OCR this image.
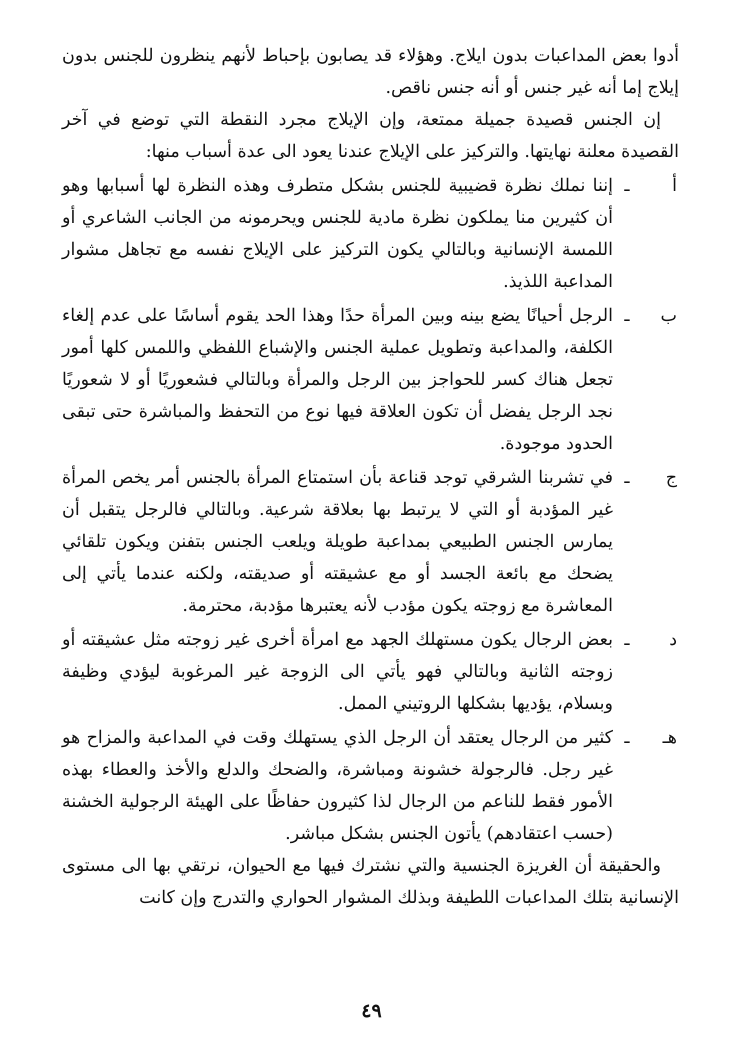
أدوا بعض المداعبات بدون ايلاج. وهؤلاء قد يصابون بإحباط لأنهم ينظرون للجنس بدون إيلاج إما أنه غير جنس أو أنه جنس ناقص.

إن الجنس قصيدة جميلة ممتعة، وإن الإيلاج مجرد النقطة التي توضع في آخر القصيدة معلنة نهايتها. والتركيز على الإيلاج عندنا يعود الى عدة أسباب منها:

أ
ـ

إننا نملك نظرة قضيبية للجنس بشكل متطرف وهذه النظرة لها أسبابها وهو أن كثيرين منا يملكون نظرة مادية للجنس ويحرمونه من الجانب الشاعري أو اللمسة الإنسانية وبالتالي يكون التركيز على الإيلاج نفسه مع تجاهل مشوار المداعبة اللذيذ.

ب
ـ

الرجل أحيانًا يضع بينه وبين المرأة حدًا وهذا الحد يقوم أساسًا على عدم إلغاء الكلفة، والمداعبة وتطويل عملية الجنس والإشباع اللفظي واللمس كلها أمور تجعل هناك كسر للحواجز بين الرجل والمرأة وبالتالي فشعوريًا أو لا شعوريًا نجد الرجل يفضل أن تكون العلاقة فيها نوع من التحفظ والمباشرة حتى تبقى الحدود موجودة.

ج
ـ

في تشربنا الشرقي توجد قناعة بأن استمتاع المرأة بالجنس أمر يخص المرأة غير المؤدبة أو التي لا يرتبط بها بعلاقة شرعية. وبالتالي فالرجل يتقبل أن يمارس الجنس الطبيعي بمداعبة طويلة ويلعب الجنس بتفنن ويكون تلقائي يضحك مع بائعة الجسد أو مع عشيقته أو صديقته، ولكنه عندما يأتي إلى المعاشرة مع زوجته يكون مؤدب لأنه يعتبرها مؤدبة، محترمة.

د
ـ

بعض الرجال يكون مستهلك الجهد مع امرأة أخرى غير زوجته مثل عشيقته أو زوجته الثانية وبالتالي فهو يأتي الى الزوجة غير المرغوبة ليؤدي وظيفة وبسلام، يؤديها بشكلها الروتيني الممل.

هـ
ـ

كثير من الرجال يعتقد أن الرجل الذي يستهلك وقت في المداعبة والمزاح هو غير رجل. فالرجولة خشونة ومباشرة، والضحك والدلع والأخذ والعطاء بهذه الأمور فقط للناعم من الرجال لذا كثيرون حفاظًا على الهيئة الرجولية الخشنة (حسب اعتقادهم) يأتون الجنس بشكل مباشر.

والحقيقة أن الغريزة الجنسية والتي نشترك فيها مع الحيوان، نرتقي بها الى مستوى الإنسانية بتلك المداعبات اللطيفة وبذلك المشوار الحواري والتدرج وإن كانت

٤٩
